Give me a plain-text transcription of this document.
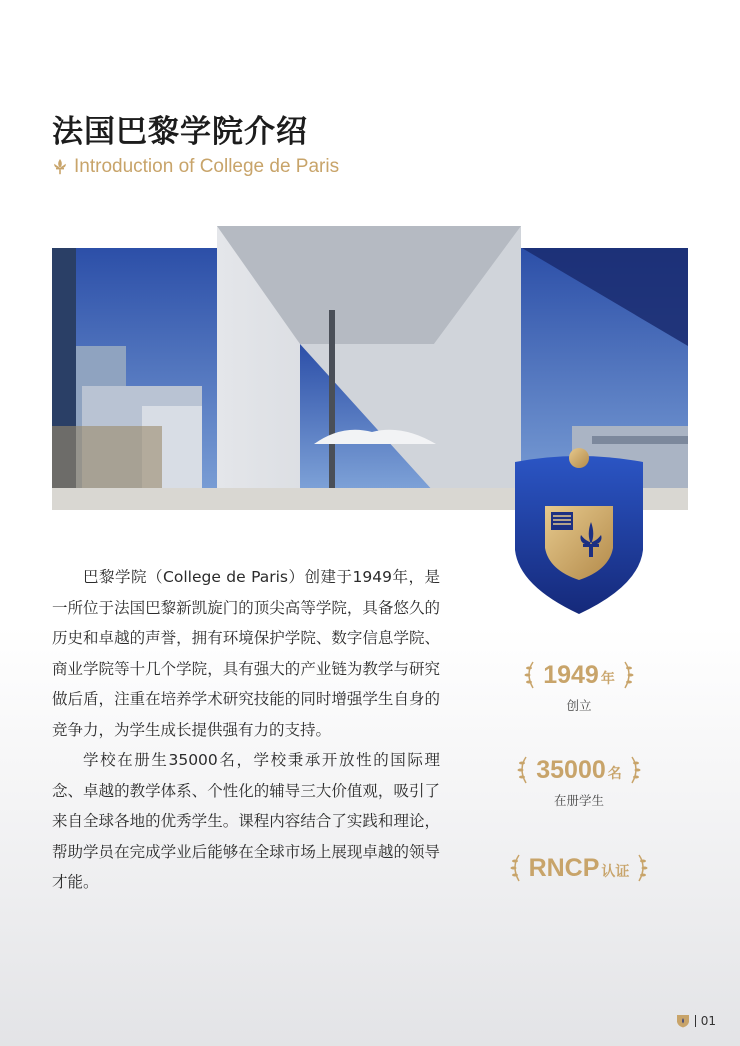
法国巴黎学院介绍
Introduction of College de Paris

巴黎学院（College de Paris）创建于1949年，是一所位于法国巴黎新凯旋门的顶尖高等学院，具备悠久的历史和卓越的声誉，拥有环境保护学院、数字信息学院、商业学院等十几个学院，具有强大的产业链为教学与研究做后盾，注重在培养学术研究技能的同时增强学生自身的竞争力，为学生成长提供强有力的支持。

学校在册生35000名，学校秉承开放性的国际理念、卓越的教学体系、个性化的辅导三大价值观，吸引了来自全球各地的优秀学生。课程内容结合了实践和理论，帮助学员在完成学业后能够在全球市场上展现卓越的领导才能。

1949 年
创立
35000 名
在册学生
RNCP 认证
01
